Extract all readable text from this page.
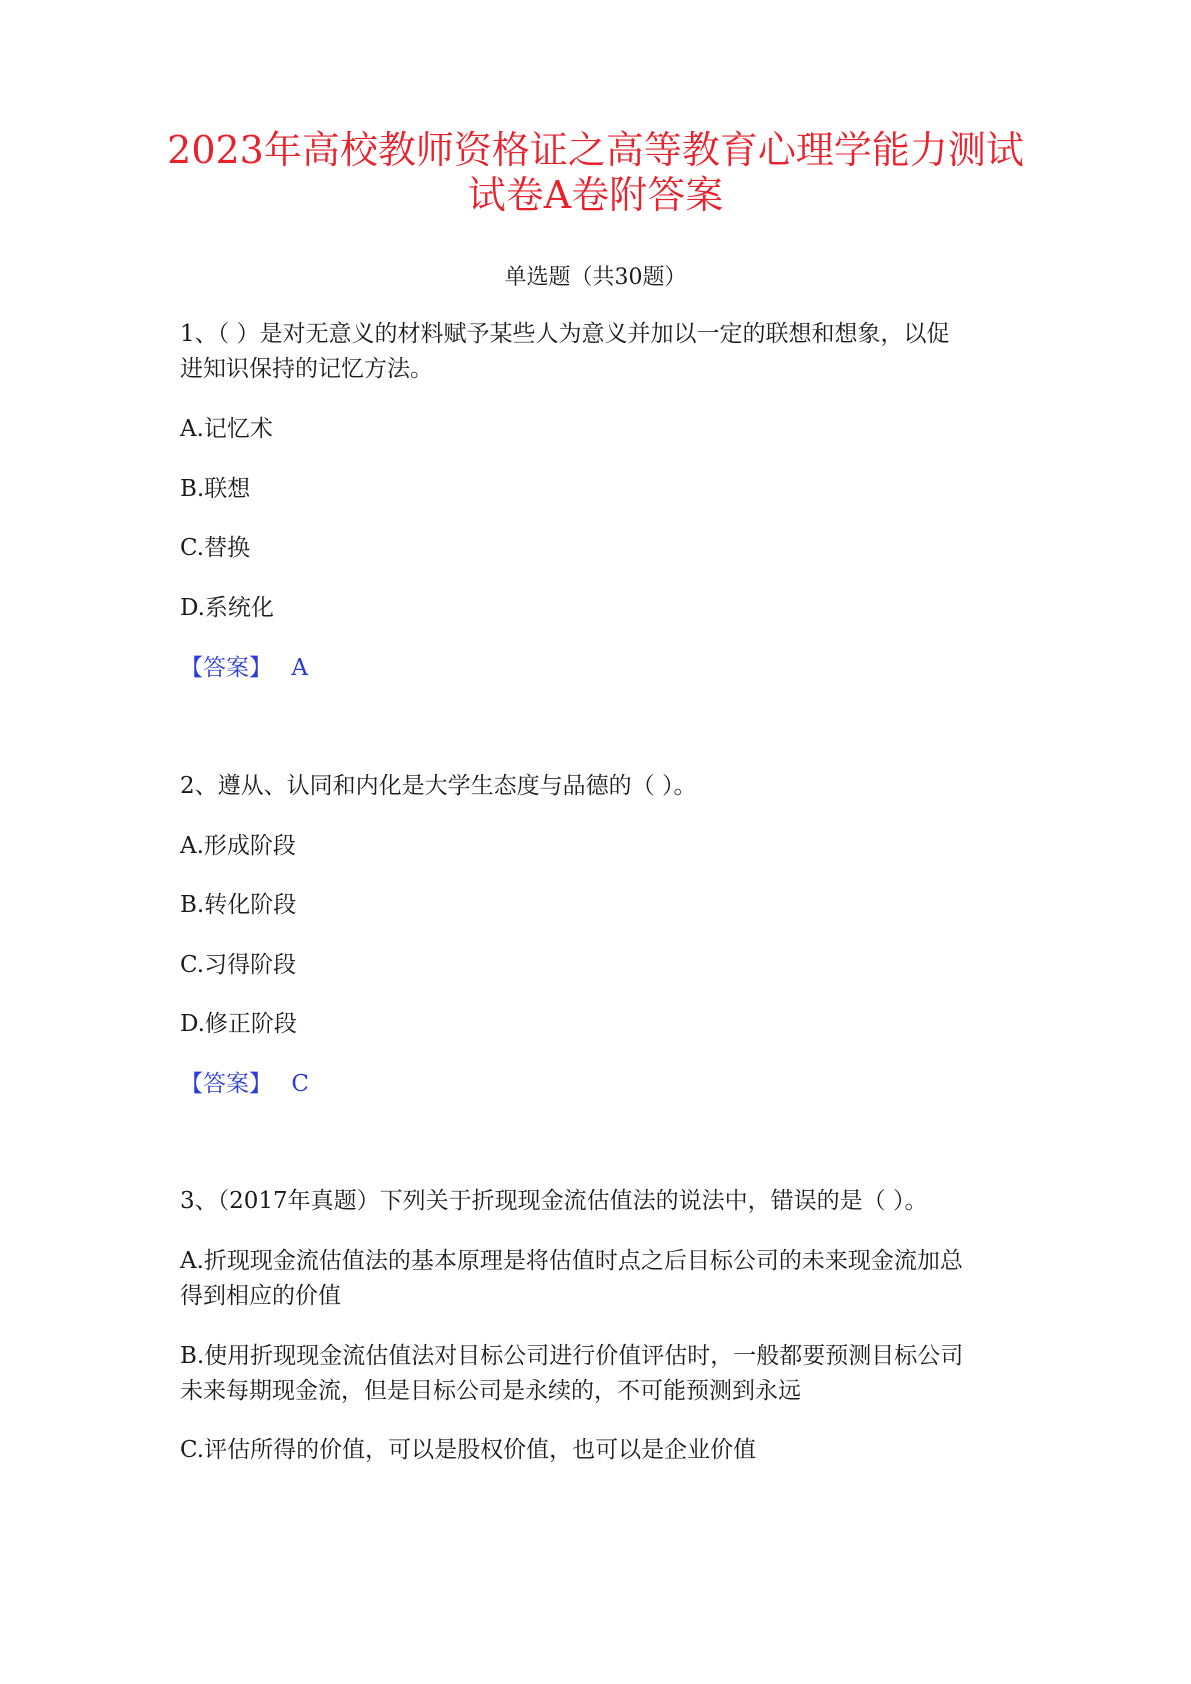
2023年高校教师资格证之高等教育心理学能力测试
试卷A卷附答案
单选题（共30题）

1、（ ）是对无意义的材料赋予某些人为意义并加以一定的联想和想象，以促

进知识保持的记忆方法。

A.记忆术

B.联想

C.替换

D.系统化

【答案】 A

2、遵从、认同和内化是大学生态度与品德的（ ）。

A.形成阶段

B.转化阶段

C.习得阶段

D.修正阶段

【答案】 C

3、（2017年真题）下列关于折现现金流估值法的说法中，错误的是（ ）。

A.折现现金流估值法的基本原理是将估值时点之后目标公司的未来现金流加总

得到相应的价值

B.使用折现现金流估值法对目标公司进行价值评估时，一般都要预测目标公司

未来每期现金流，但是目标公司是永续的，不可能预测到永远

C.评估所得的价值，可以是股权价值，也可以是企业价值
